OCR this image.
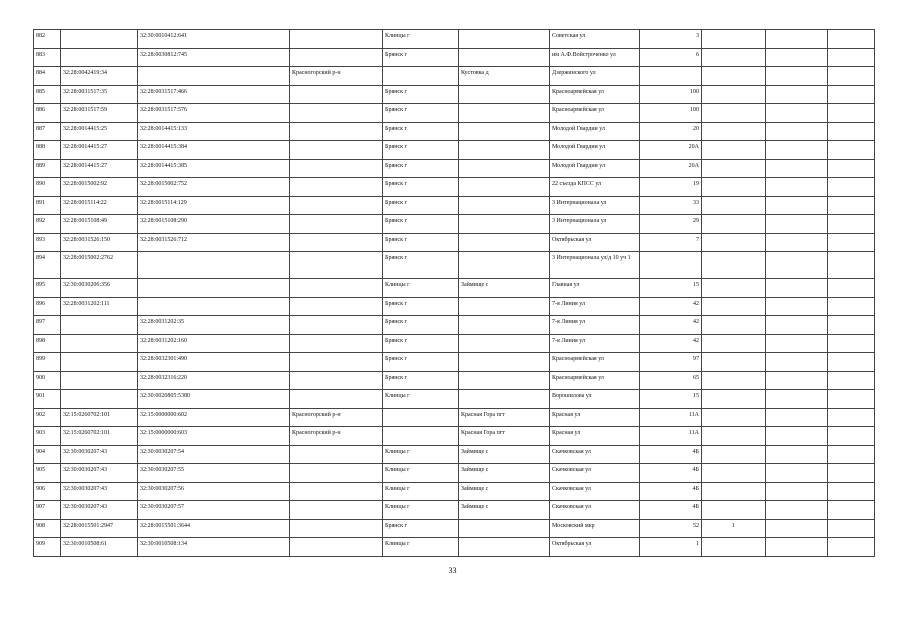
882		32:30:0010412:641		Клинцы г		Советская ул	3			
883		32:28:0030812:745		Брянск г		им А.Ф.Войстроченко ул	6			
884	32:28:0042419:34		Красногорский р-н		Кустовка д	Дзержинского ул				
885	32:28:0031517:35	32:28:0031517:466		Брянск г		Красноармейская ул	100			
886	32:28:0031517:59	32:28:0031517:576		Брянск г		Красноармейская ул	100			
887	32:28:0014415:25	32:28:0014415:133		Брянск г		Молодой Гвардии ул	20			
888	32:28:0014415:27	32:28:0014415:384		Брянск г		Молодой Гвардии ул	20А			
889	32:28:0014415:27	32:28:0014415:385		Брянск г		Молодой Гвардии ул	20А			
890	32:28:0015002:92	32:28:0015002:752		Брянск г		22 съезда КПСС ул	19			
891	32:28:0015114:22	32:28:0015114:129		Брянск г		3 Интернационала ул	33			
892	32:28:0015108:49	32:28:0015108:290		Брянск г		3 Интернационала ул	29			
893	32:28:0031526:150	32:28:0031526:712		Брянск г		Октябрьская ул	7			
894	32:28:0015002:2762			Брянск г		3 Интернационала ул/д 10 уч 1				
895	32:30:0030206:356			Клинцы г	Займище с	Главная ул	15			
896	32:28:0031202:111			Брянск г		7-я Линия ул	42			
897		32:28:0031202:35		Брянск г		7-я Линия ул	42			
898		32:28:0031202:160		Брянск г		7-я Линия ул	42			
899		32:28:0032301:490		Брянск г		Красноармейская ул	97			
900		32:28:0032316:220		Брянск г		Красноармейская ул	65			
901		32:30:0020805:5380		Клинцы г		Ворошилова ул	15			
902	32:15:0260702:101	32:15:0000000:602	Красногорский р-н		Красная Гора пгт	Красная ул	11А			
903	32:15:0260702:101	32:15:0000000:603	Красногорский р-н		Красная Гора пгт	Красная ул	11А			
904	32:30:0030207:43	32:30:0030207:54		Клинцы г	Займище с	Скачковская ул	4Б			
905	32:30:0030207:43	32:30:0030207:55		Клинцы г	Займище с	Скачковская ул	4Б			
906	32:30:0030207:43	32:30:0030207:56		Клинцы г	Займище с	Скачковская ул	4Б			
907	32:30:0030207:43	32:30:0030207:57		Клинцы г	Займище с	Скачковская ул	4Б			
908	32:28:0015501:2947	32:28:0015501:3644		Брянск г		Московский мкр	52	1		
909	32:30:0010508:61	32:30:0010508:134		Клинцы г		Октябрьская ул	1			
33
